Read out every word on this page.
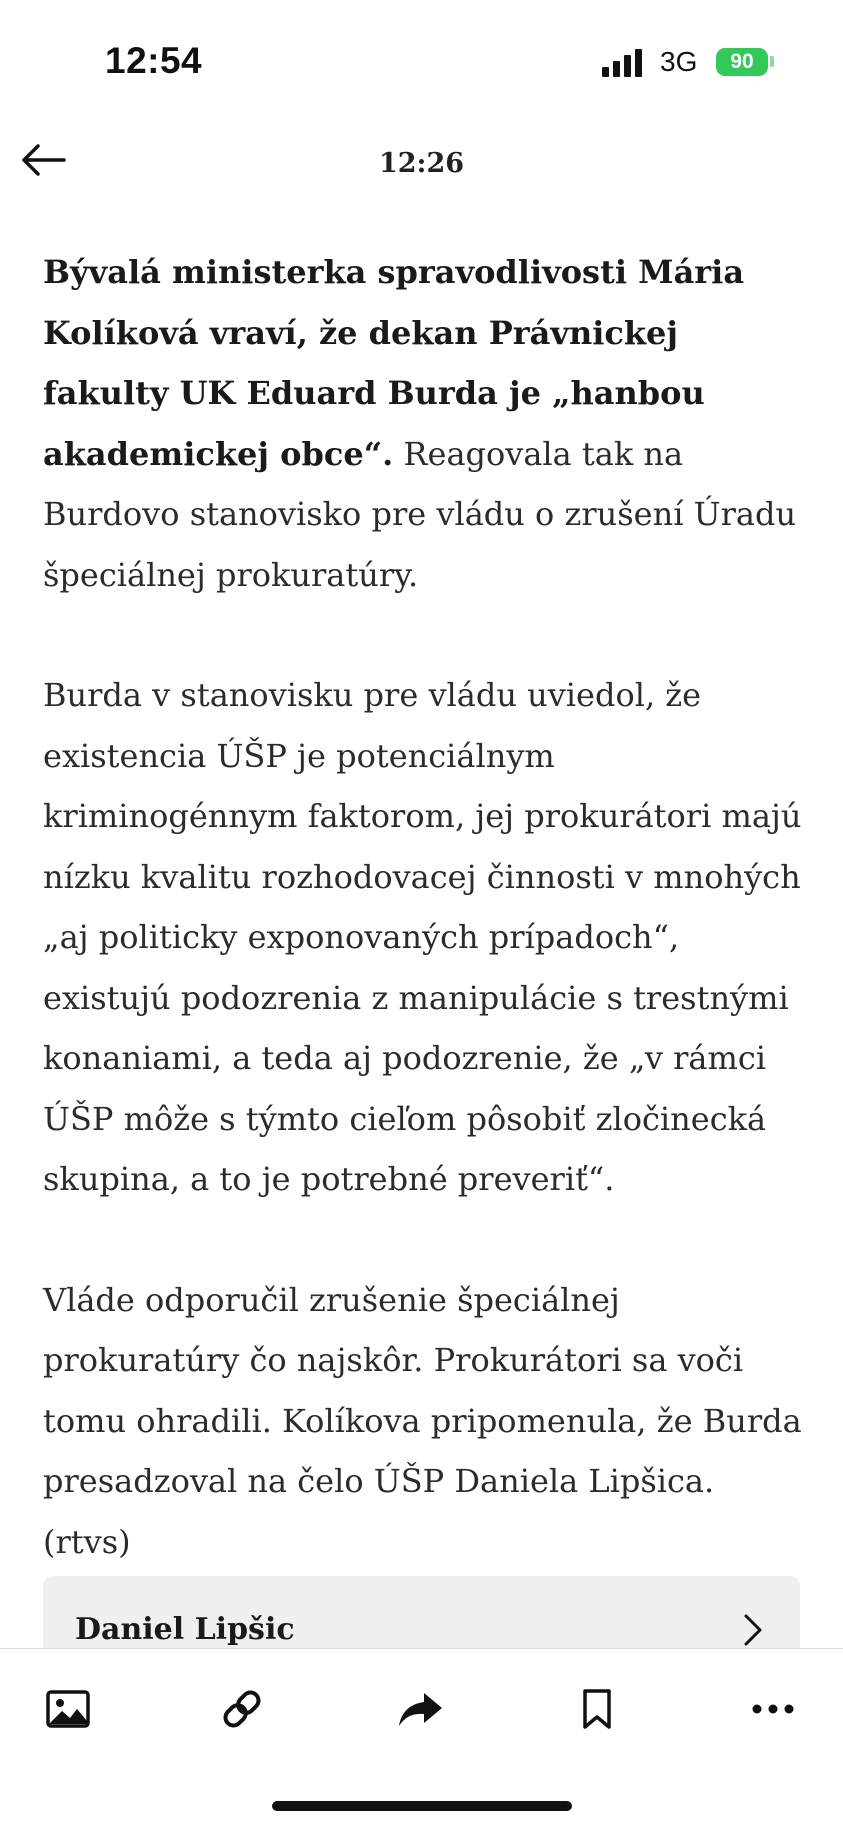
12:54	3G 90
12:26

Bývalá ministerka spravodlivosti Mária Kolíková vraví, že dekan Právnickej fakulty UK Eduard Burda je „hanbou akademickej obce“. Reagovala tak na Burdovo stanovisko pre vládu o zrušení Úradu špeciálnej prokuratúry.

Burda v stanovisku pre vládu uviedol, že existencia ÚŠP je potenciálnym kriminogénnym faktorom, jej prokurátori majú nízku kvalitu rozhodovacej činnosti v mnohých „aj politicky exponovaných prípadoch“, existujú podozrenia z manipulácie s trestnými konaniami, a teda aj podozrenie, že „v rámci ÚŠP môže s týmto cieľom pôsobiť zločinecká skupina, a to je potrebné preveriť“.

Vláde odporučil zrušenie špeciálnej prokuratúry čo najskôr. Prokurátori sa voči tomu ohradili. Kolíkova pripomenula, že Burda presadzoval na čelo ÚŠP Daniela Lipšica. (rtvs)

Daniel Lipšic
